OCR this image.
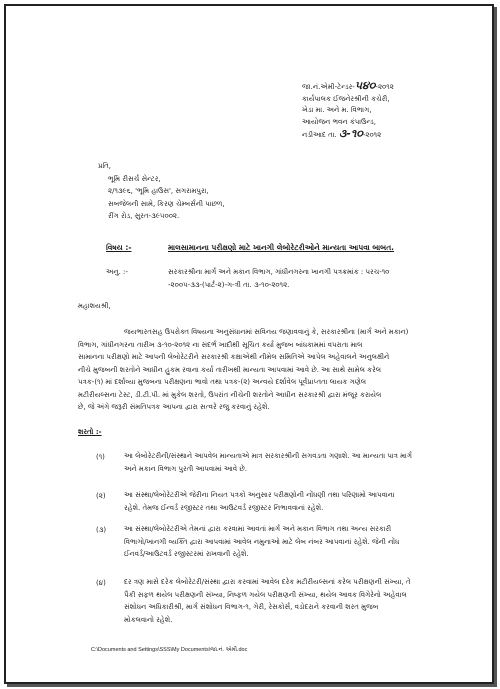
જા.નં.એમી-ટેન્ડર-૫૪૦-૨૦૧૨
કાર્યપાલક ઈજનેરશ્રીની કચેરી,
ખેડા મા. અને મ. વિભાગ,
આયોજન ભવન કંપાઉન્ડ,
નડીઆદ તા. ૩-૧૦-૨૦૧૨
પ્રતિ,
ભૂમિ રીસર્ચ સેન્ટર,
૨/૧૩૯૬, 'ભૂમિ હાઉસ', સગરામપુરા,
સબજેલની સામે, કિરણ ચેમ્બર્સની પાછળ,
રીંગ રોડ, સુરત-૩૯૫૦૦૨.
વિષય :-	માલસામાનના પરીક્ષણો માટે ખાનગી લેબોરેટરીઓને માન્યતા આપવા બાબત.
અનુ. :-	સરકારશ્રીના માર્ગ અને મકાન વિભાગ, ગાંધીનગરના ખાનગી પત્રક્રમાંક : પરચ-૧૦
-૨૦૦૫-૩૩-(પાર્ટ-૨)-ગ-ત્રી તા. ૩-૧૦-૨૦૧૨.
મહાશયશ્રી,
જયભારતસહ ઉપરોક્ત વિષયના અનુસંધાનમાં સવિનય જણાવવાનું કે, સરકારશ્રીના (માર્ગ અને મકાન)
વિભાગ, ગાંધીનગરના તારીખ ૩-૧૦-૨૦૧૨ ના સંદર્ભ ખાદીથી સૂચિત કર્યા મુજબ બાંધકામમાં વપરાતા માલ
સામાનના પરીક્ષણો માટે આપની લેબોરેટરીને સરકારશ્રી કક્ષાએથી નીમેલ સમિતિએ આપેલ અહેવાલને અનુલક્ષીને
નીચે મુજબની શરતોને આધીન હુકમ રવાના કર્યા તારીખથી માન્યતા આપવામાં આવે છે. આ સાથે સામેલ કરેલ
પત્રક-(૧) માં દર્શાવ્યા મુજબના પરીક્ષણના ભાવો તથા પત્રક-(૨) અન્વયે દર્શાવેલ પૂર્વપ્રાપ્તતા લાયક ગણેલ
મટીરીયલ્સના ટેસ્ટ, ડી.ટી.પી. માં મુકેલ શરતો, ઉપરાંત નીચેની શરતોને આધીન સરકારશ્રી દ્વારા મંજૂર કરાયેલ
છે, જે અંગે જરૂરી સંમતિપત્રક આપના દ્વારા સત્વરે રજુ કરવાનું રહેશે.
શરતો :-
(૧)	આ લેબોરેટરીની/સંસ્થાને આપવેલ માન્યતાએ માત્ર સરકારશ્રીની સગવડતા ગણાશે. આ માન્યતા પાત્ર માર્ગ
અને મકાન વિભાગ પુરતી આપવામાં આવે છે.
(૨)	આ સંસ્થા/લેબોરેટરીએ જેરીના નિયત પત્રકો અનુસાર પરીક્ષણોની નોંધણી તથા પરિણામો આપવાના
રહેશે. તેમજ ઈન્વર્ડ રજીસ્ટર તથા આઉટવર્ડ રજીસ્ટર નિભાવવાનાં રહેશે.
(૩)	આ સંસ્થા/લેબોરેટરીએ તેમનાં દ્વારા કરવામાં આવતાં માર્ગ અને મકાન વિભાગ તથા અન્ય સરકારી
વિભાગો/ખાનગી વ્યક્તિ દ્વારા આપવામાં આવેલ નમુનાઓ માટે લેબ નંબર આપવાનાં રહેશે. જેની નોંધ
ઈનવર્ડ/આઉટવર્ડ રજીસ્ટરમાં રાખવાની રહેશે.
(૪)	દર ત્રણ માસે દરેક લેબોરેટરી/સંસ્થા દ્વારા કરવામાં આવેલ દરેક મટીરીયલ્સનાં કરેલ પરીક્ષણની સંખ્યા, તે
પૈકી સફળ થયેલ પરીક્ષણની સંખ્યા, નિષ્ફળ ગયેલ પરીક્ષણની સંખ્યા, થયેલ આવક વિગેરેનો અહેવાલ
સંશોધન અધિકારીશ્રી, માર્ગ સંશોધન વિભાગ-૧, ગેરી, રેસકોર્સ, વડોદરાને કરવાની શરત મુજબ
મોકલવાનો રહેશે.
C:\Documents and Settings\SSS\My Documents\જા.નં. એમી.doc
